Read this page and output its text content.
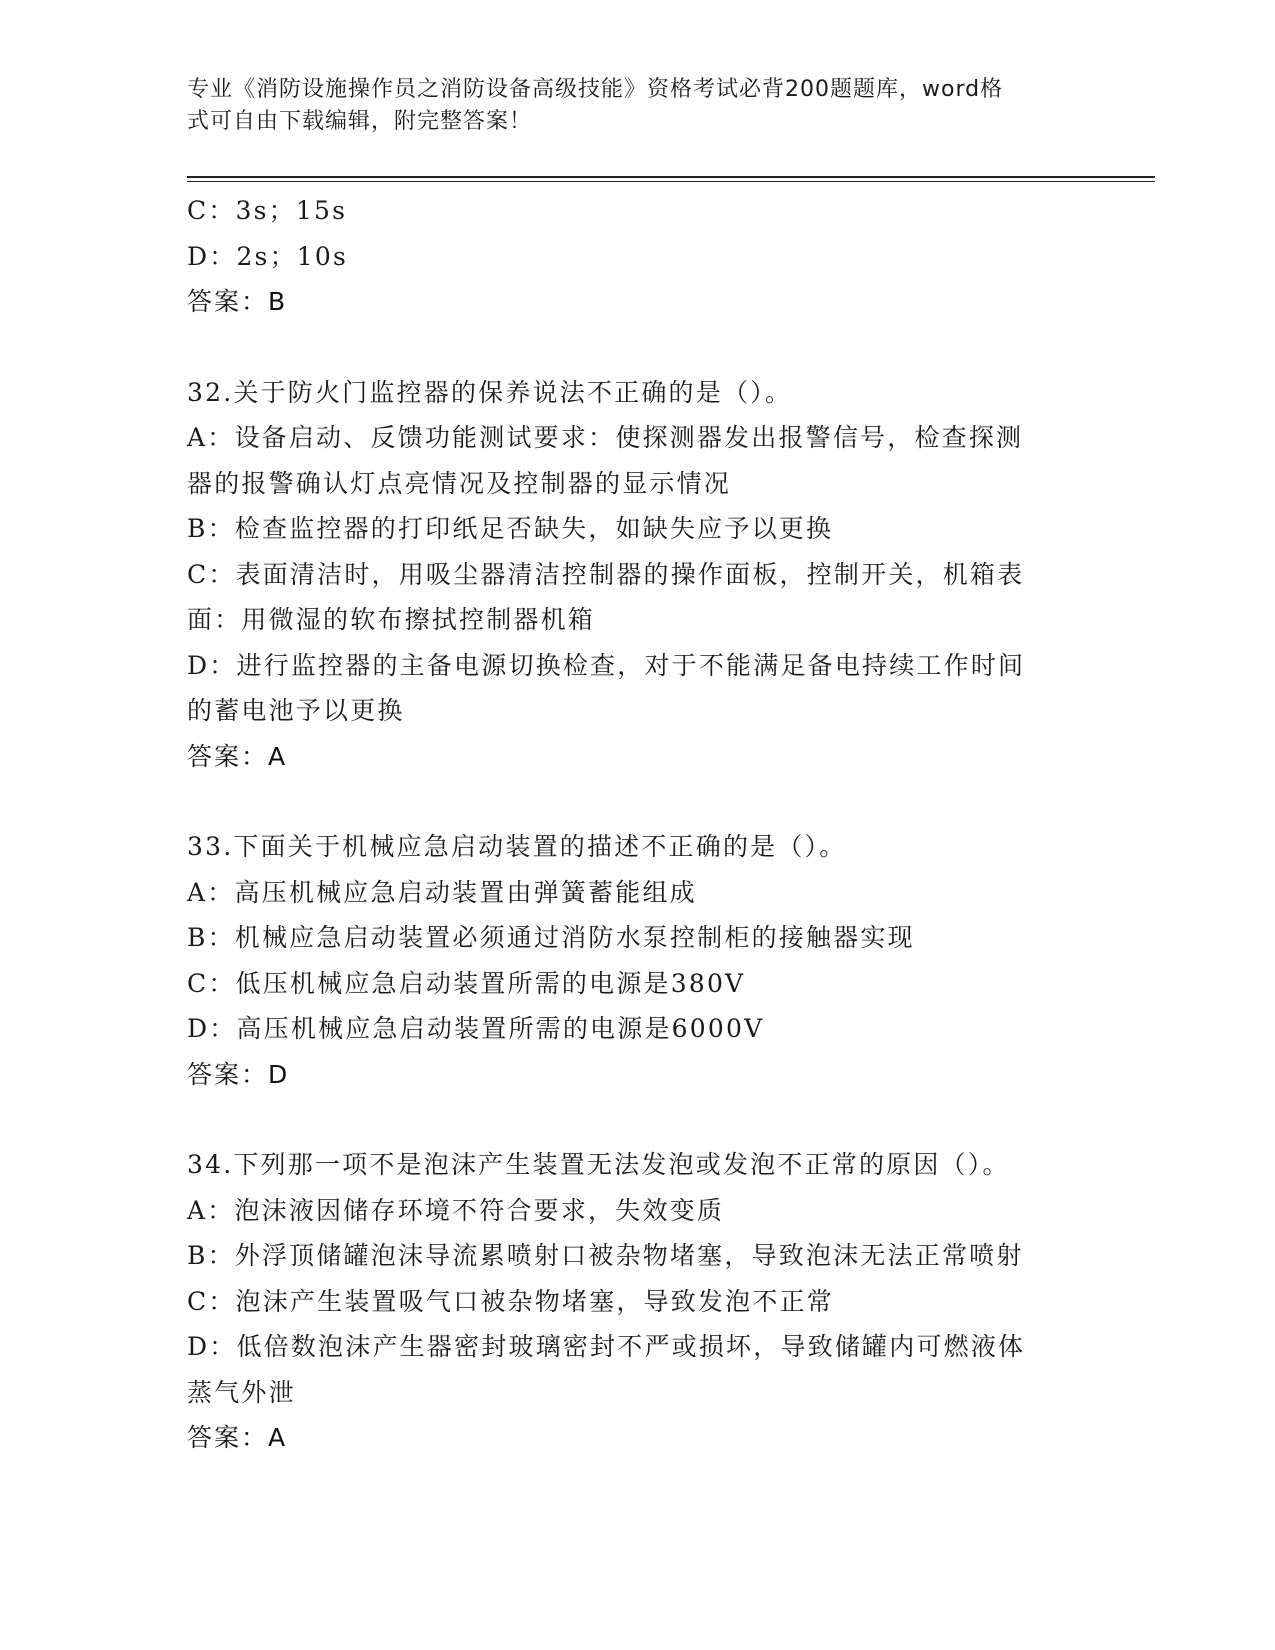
专业《消防设施操作员之消防设备高级技能》资格考试必背200题题库，word格
式可自由下载编辑，附完整答案！
C：3s；15s
D：2s；10s
答案：B
32.关于防火门监控器的保养说法不正确的是（）。
A：设备启动、反馈功能测试要求：使探测器发出报警信号，检查探测
器的报警确认灯点亮情况及控制器的显示情况
B：检查监控器的打印纸足否缺失，如缺失应予以更换
C：表面清洁时，用吸尘器清洁控制器的操作面板，控制开关，机箱表
面：用微湿的软布擦拭控制器机箱
D：进行监控器的主备电源切换检查，对于不能满足备电持续工作时间
的蓄电池予以更换
答案：A
33.下面关于机械应急启动装置的描述不正确的是（）。
A：高压机械应急启动装置由弹簧蓄能组成
B：机械应急启动装置必须通过消防水泵控制柜的接触器实现
C：低压机械应急启动装置所需的电源是380V
D：高压机械应急启动装置所需的电源是6000V
答案：D
34.下列那一项不是泡沫产生装置无法发泡或发泡不正常的原因（）。
A：泡沫液因储存环境不符合要求，失效变质
B：外浮顶储罐泡沫导流累喷射口被杂物堵塞，导致泡沫无法正常喷射
C：泡沫产生装置吸气口被杂物堵塞，导致发泡不正常
D：低倍数泡沫产生器密封玻璃密封不严或损坏，导致储罐内可燃液体
蒸气外泄
答案：A
